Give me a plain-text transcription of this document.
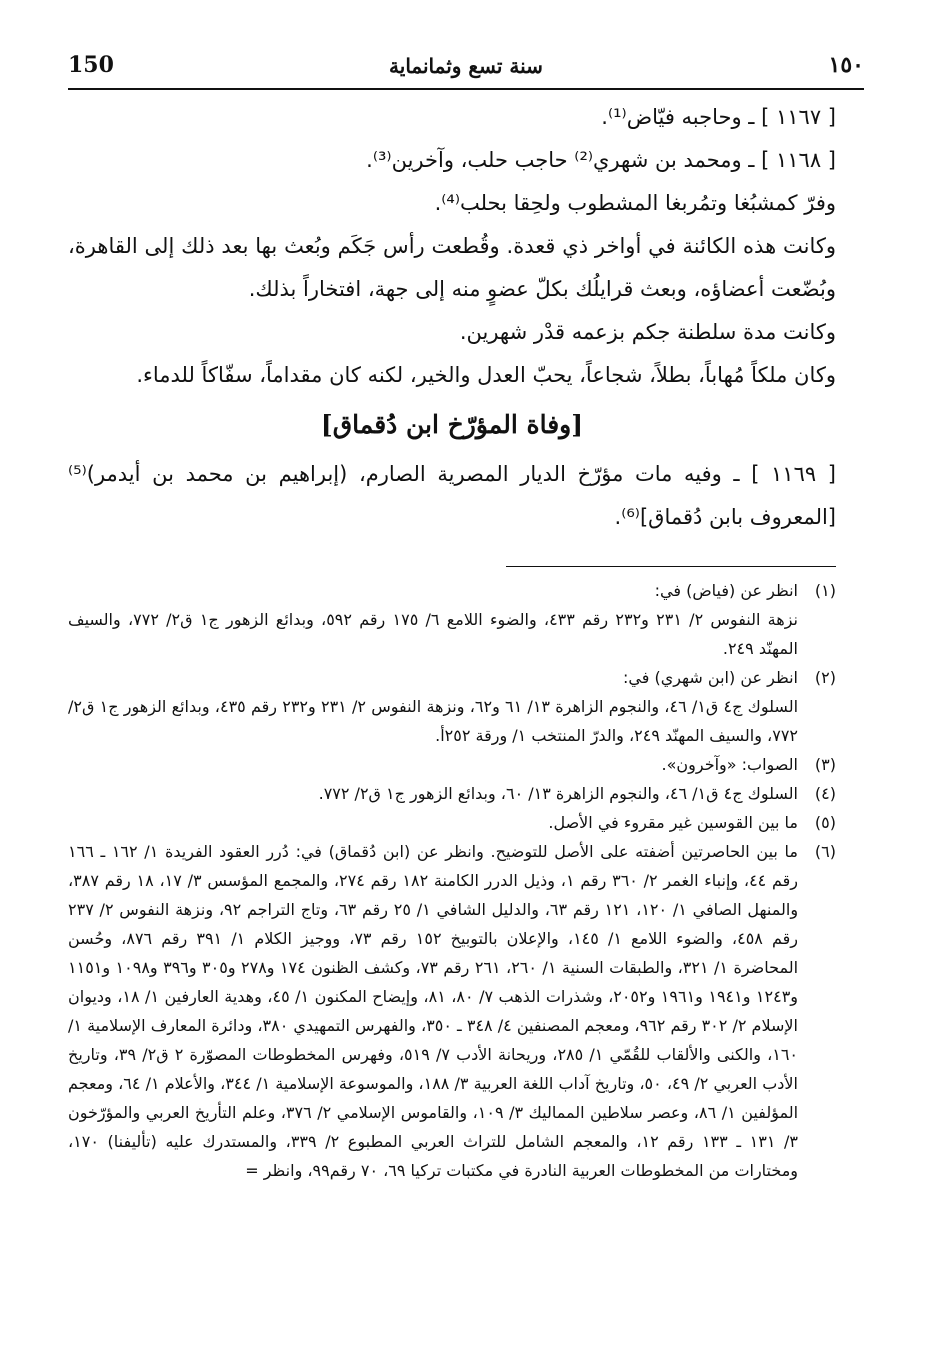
150	سنة تسع وثمانماية	١٥٠

[ ١١٦٧ ] ـ وحاجبه فيّاض⁽¹⁾.

[ ١١٦٨ ] ـ ومحمد بن شهري⁽²⁾ حاجب حلب، وآخرين⁽³⁾.

وفرّ كمشبُغا وتمُربغا المشطوب ولحِقا بحلب⁽⁴⁾.

وكانت هذه الكائنة في أواخر ذي قعدة. وقُطعت رأس جَكَم وبُعث بها بعد ذلك إلى القاهرة، وبُضّعت أعضاؤه، وبعث قرايلُك بكلّ عضوٍ منه إلى جهة، افتخاراً بذلك.

وكانت مدة سلطنة جكم بزعمه قدْر شهرين.

وكان ملكاً مُهاباً، بطلاً، شجاعاً، يحبّ العدل والخير، لكنه كان مقداماً، سفّاكاً للدماء.

[وفاة المؤرّخ ابن دُقماق]

[ ١١٦٩ ] ـ وفيه مات مؤرّخ الديار المصرية الصارم، (إبراهيم بن محمد بن أيدمر)⁽⁵⁾ [المعروف بابن دُقماق]⁽⁶⁾.

(١)
انظر عن (فياض) في:
نزهة النفوس ٢/ ٢٣١ و٢٣٢ رقم ٤٣٣، والضوء اللامع ٦/ ١٧٥ رقم ٥٩٢، وبدائع الزهور ج١ ق٢/ ٧٧٢، والسيف المهنّد ٢٤٩.
(٢)
انظر عن (ابن شهري) في:
السلوك ج٤ ق١/ ٤٦، والنجوم الزاهرة ١٣/ ٦١ و٦٢، ونزهة النفوس ٢/ ٢٣١ و٢٣٢ رقم ٤٣٥، وبدائع الزهور ج١ ق٢/ ٧٧٢، والسيف المهنّد ٢٤٩، والدرّ المنتخب ١/ ورقة ٢٥٢أ.
(٣)
الصواب: «وآخرون».
(٤)
السلوك ج٤ ق١/ ٤٦، والنجوم الزاهرة ١٣/ ٦٠، وبدائع الزهور ج١ ق٢/ ٧٧٢.
(٥)
ما بين القوسين غير مقروء في الأصل.
(٦)
ما بين الحاصرتين أضفته على الأصل للتوضيح. وانظر عن (ابن دُقماق) في: دُرر العقود الفريدة ١/ ١٦٢ ـ ١٦٦ رقم ٤٤، وإنباء الغمر ٢/ ٣٦٠ رقم ١، وذيل الدرر الكامنة ١٨٢ رقم ٢٧٤، والمجمع المؤسس ٣/ ١٧، ١٨ رقم ٣٨٧، والمنهل الصافي ١/ ١٢٠، ١٢١ رقم ٦٣، والدليل الشافي ١/ ٢٥ رقم ٦٣، وتاج التراجم ٩٢، ونزهة النفوس ٢/ ٢٣٧ رقم ٤٥٨، والضوء اللامع ١/ ١٤٥، والإعلان بالتوبيخ ١٥٢ رقم ٧٣، ووجيز الكلام ١/ ٣٩١ رقم ٨٧٦، وحُسن المحاضرة ١/ ٣٢١، والطبقات السنية ١/ ٢٦٠، ٢٦١ رقم ٧٣، وكشف الظنون ١٧٤ و٢٧٨ و٣٠٥ و٣٩٦ و١٠٩٨ و١١٥١ و١٢٤٣ و١٩٤١ و١٩٦١ و٢٠٥٢، وشذرات الذهب ٧/ ٨٠، ٨١، وإيضاح المكنون ١/ ٤٥، وهدية العارفين ١/ ١٨، وديوان الإسلام ٢/ ٣٠٢ رقم ٩٦٢، ومعجم المصنفين ٤/ ٣٤٨ ـ ٣٥٠، والفهرس التمهيدي ٣٨٠، ودائرة المعارف الإسلامية ١/ ١٦٠، والكنى والألقاب للقُمّي ١/ ٢٨٥، وريحانة الأدب ٧/ ٥١٩، وفهرس المخطوطات المصوّرة ٢ ق٢/ ٣٩، وتاريخ الأدب العربي ٢/ ٤٩، ٥٠، وتاريخ آداب اللغة العربية ٣/ ١٨٨، والموسوعة الإسلامية ١/ ٣٤٤، والأعلام ١/ ٦٤، ومعجم المؤلفين ١/ ٨٦، وعصر سلاطين المماليك ٣/ ١٠٩، والقاموس الإسلامي ٢/ ٣٧٦، وعلم التأريخ العربي والمؤرّخون ٣/ ١٣١ ـ ١٣٣ رقم ١٢، والمعجم الشامل للتراث العربي المطبوع ٢/ ٣٣٩، والمستدرك عليه (تأليفنا) ١٧٠، ومختارات من المخطوطات العربية النادرة في مكتبات تركيا ٦٩، ٧٠ رقم٩٩، وانظر =
